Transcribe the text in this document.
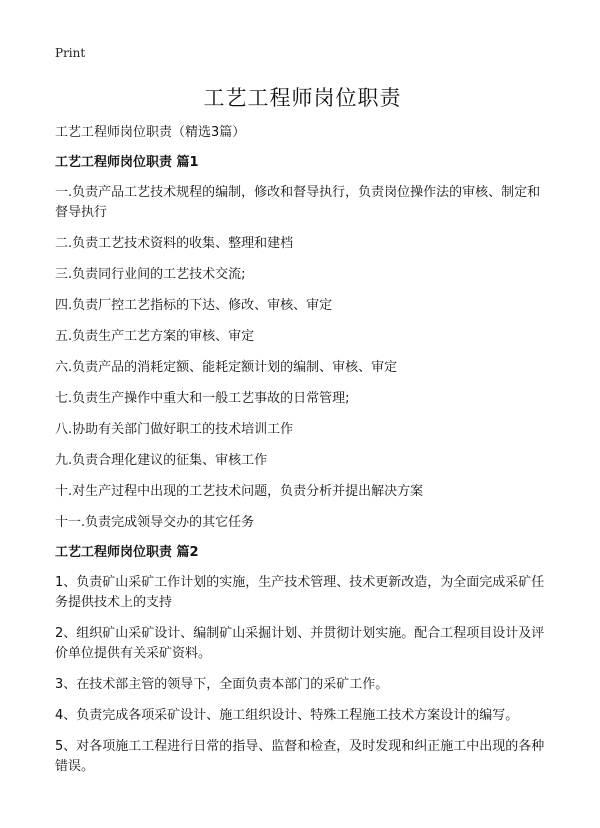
Print
工艺工程师岗位职责
工艺工程师岗位职责（精选3篇）
工艺工程师岗位职责 篇1
一.负责产品工艺技术规程的编制，修改和督导执行，负责岗位操作法的审核、制定和督导执行
二.负责工艺技术资料的收集、整理和建档
三.负责同行业间的工艺技术交流;
四.负责厂控工艺指标的下达、修改、审核、审定
五.负责生产工艺方案的审核、审定
六.负责产品的消耗定额、能耗定额计划的编制、审核、审定
七.负责生产操作中重大和一般工艺事故的日常管理;
八.协助有关部门做好职工的技术培训工作
九.负责合理化建议的征集、审核工作
十.对生产过程中出现的工艺技术问题，负责分析并提出解决方案
十一.负责完成领导交办的其它任务
工艺工程师岗位职责 篇2
1、负责矿山采矿工作计划的实施，生产技术管理、技术更新改造，为全面完成采矿任务提供技术上的支持
2、组织矿山采矿设计、编制矿山采掘计划、并贯彻计划实施。配合工程项目设计及评价单位提供有关采矿资料。
3、在技术部主管的领导下，全面负责本部门的采矿工作。
4、负责完成各项采矿设计、施工组织设计、特殊工程施工技术方案设计的编写。
5、对各项施工工程进行日常的指导、监督和检查，及时发现和纠正施工中出现的各种错误。
